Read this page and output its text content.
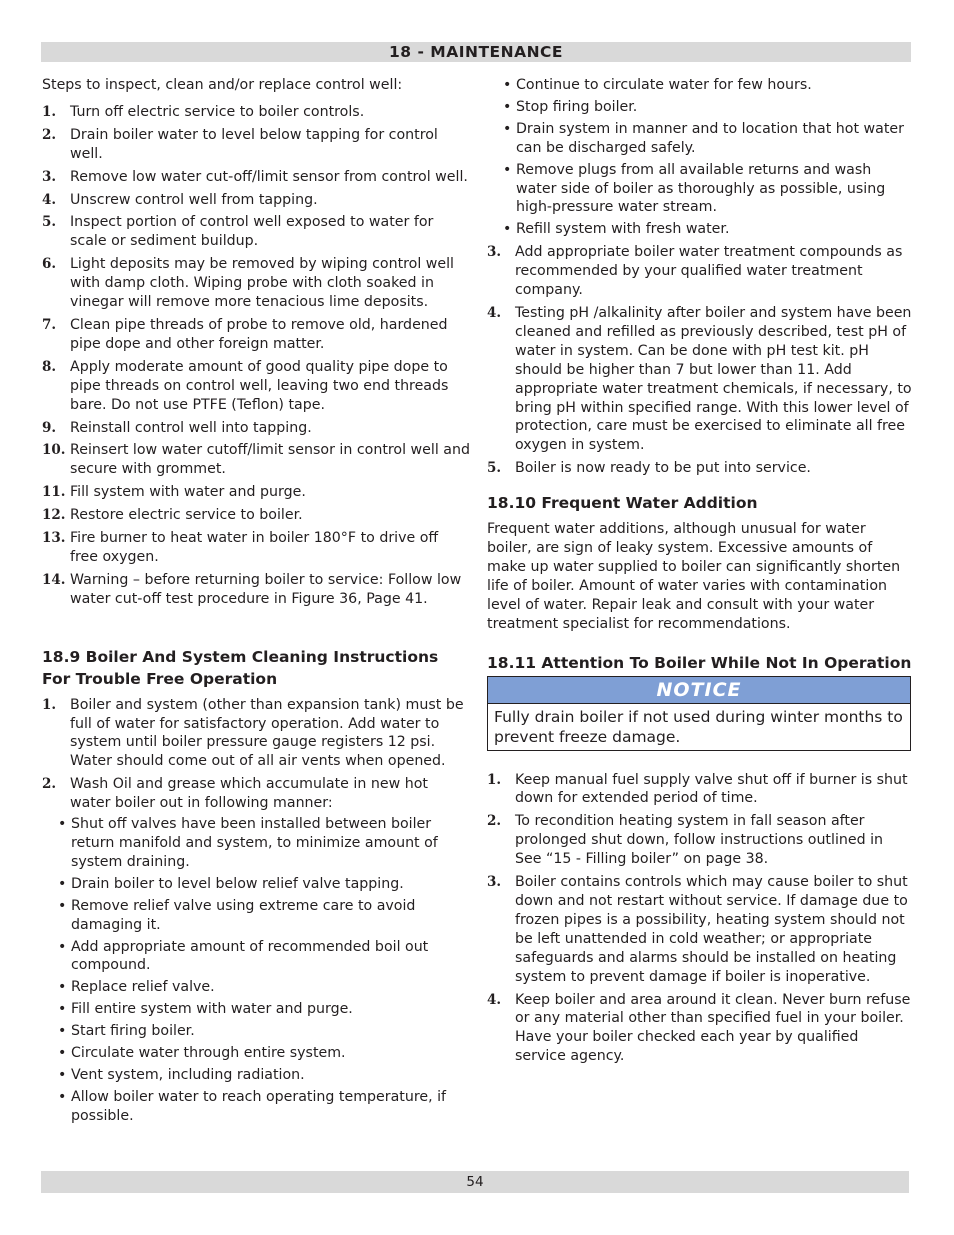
18 - MAINTENANCE

Steps to inspect, clean and/or replace control well:

1. Turn off electric service to boiler controls.
2. Drain boiler water to level below tapping for control well.
3. Remove low water cut-off/limit sensor from control well.
4. Unscrew control well from tapping.
5. Inspect portion of control well exposed to water for scale or sediment buildup.
6. Light deposits may be removed by wiping control well with damp cloth. Wiping probe with cloth soaked in vinegar will remove more tenacious lime deposits.
7. Clean pipe threads of probe to remove old, hardened pipe dope and other foreign matter.
8. Apply moderate amount of good quality pipe dope to pipe threads on control well, leaving two end threads bare. Do not use PTFE (Teflon) tape.
9. Reinstall control well into tapping.
10. Reinsert low water cutoff/limit sensor in control well and secure with grommet.
11. Fill system with water and purge.
12. Restore electric service to boiler.
13. Fire burner to heat water in boiler 180°F to drive off free oxygen.
14. Warning – before returning boiler to service: Follow low water cut-off test procedure in Figure 36, Page 41.
18.9 Boiler And System Cleaning Instructions For Trouble Free Operation
1. Boiler and system (other than expansion tank) must be full of water for satisfactory operation. Add water to system until boiler pressure gauge registers 12 psi. Water should come out of all air vents when opened.
2. Wash Oil and grease which accumulate in new hot water boiler out in following manner:
• Shut off valves have been installed between boiler return manifold and system, to minimize amount of system draining.
• Drain boiler to level below relief valve tapping.
• Remove relief valve using extreme care to avoid damaging it.
• Add appropriate amount of recommended boil out compound.
• Replace relief valve.
• Fill entire system with water and purge.
• Start firing boiler.
• Circulate water through entire system.
• Vent system, including radiation.
• Allow boiler water to reach operating temperature, if possible.
• Continue to circulate water for few hours.
• Stop firing boiler.
• Drain system in manner and to location that hot water can be discharged safely.
• Remove plugs from all available returns and wash water side of boiler as thoroughly as possible, using high-pressure water stream.
• Refill system with fresh water.
3. Add appropriate boiler water treatment compounds as recommended by your qualified water treatment company.
4. Testing pH /alkalinity after boiler and system have been cleaned and refilled as previously described, test pH of water in system. Can be done with pH test kit. pH should be higher than 7 but lower than 11. Add appropriate water treatment chemicals, if necessary, to bring pH within specified range. With this lower level of protection, care must be exercised to eliminate all free oxygen in system.
5. Boiler is now ready to be put into service.
18.10 Frequent Water Addition

Frequent water additions, although unusual for water boiler, are sign of leaky system. Excessive amounts of make up water supplied to boiler can significantly shorten life of boiler. Amount of water varies with contamination level of water. Repair leak and consult with your water treatment specialist for recommendations.

18.11 Attention To Boiler While Not In Operation
NOTICE
Fully drain boiler if not used during winter months to prevent freeze damage.
1. Keep manual fuel supply valve shut off if burner is shut down for extended period of time.
2. To recondition heating system in fall season after prolonged shut down, follow instructions outlined in See “15 - Filling boiler” on page 38.
3. Boiler contains controls which may cause boiler to shut down and not restart without service. If damage due to frozen pipes is a possibility, heating system should not be left unattended in cold weather; or appropriate safeguards and alarms should be installed on heating system to prevent damage if boiler is inoperative.
4. Keep boiler and area around it clean. Never burn refuse or any material other than specified fuel in your boiler. Have your boiler checked each year by qualified service agency.
54
